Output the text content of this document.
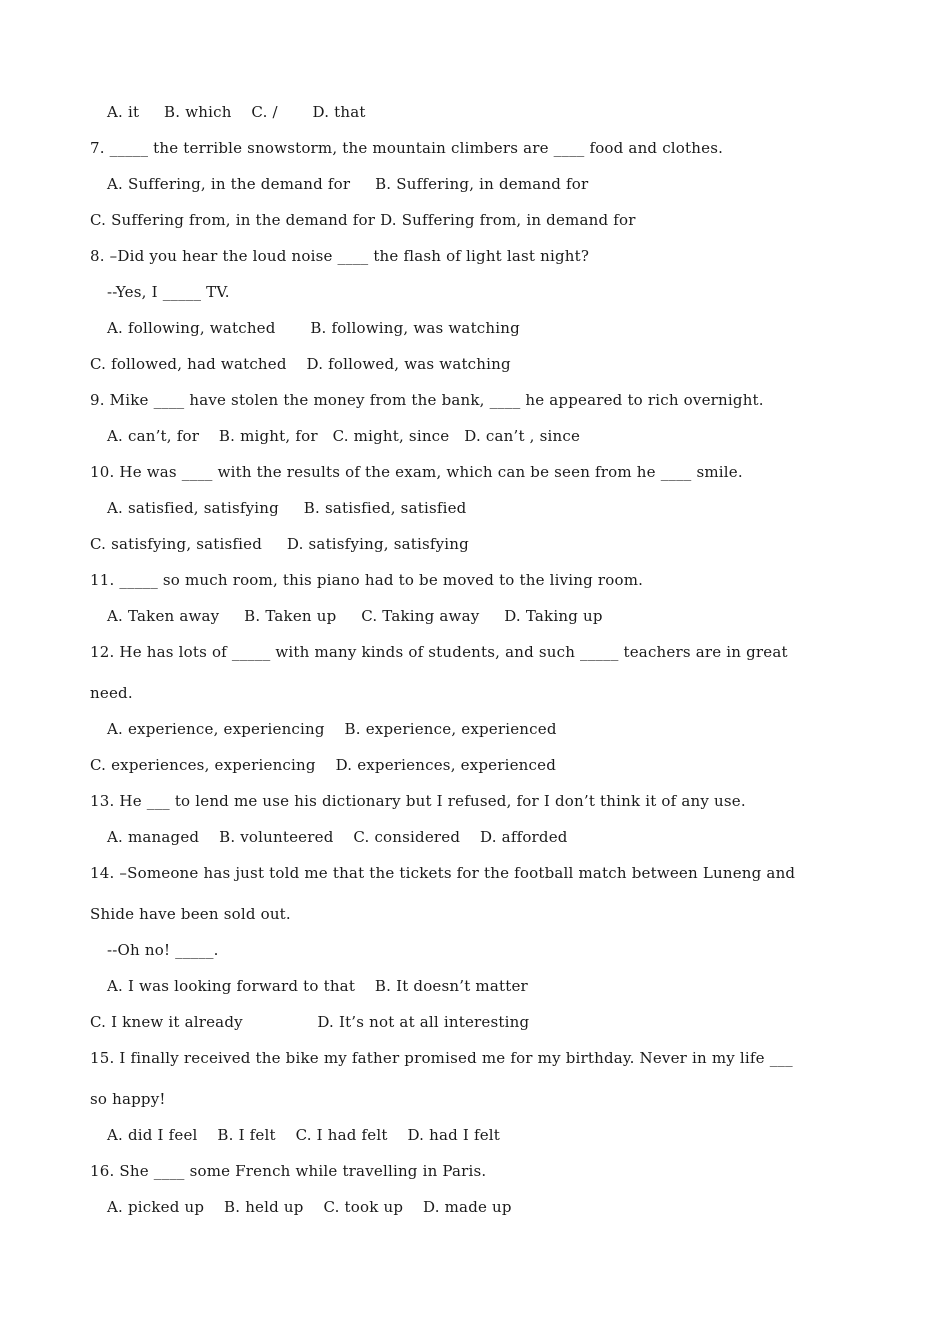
A. it     B. which    C. /       D. that
7. _____ the terrible snowstorm, the mountain climbers are ____ food and clothes.
A. Suffering, in the demand for     B. Suffering, in demand for
C. Suffering from, in the demand for D. Suffering from, in demand for
8. –Did you hear the loud noise ____ the flash of light last night?
--Yes, I _____ TV.
A. following, watched       B. following, was watching
C. followed, had watched    D. followed, was watching
9. Mike ____ have stolen the money from the bank, ____ he appeared to rich overnight.
A. can’t, for    B. might, for   C. might, since   D. can’t , since
10. He was ____ with the results of the exam, which can be seen from he ____ smile.
A. satisfied, satisfying     B. satisfied, satisfied
C. satisfying, satisfied     D. satisfying, satisfying
11. _____ so much room, this piano had to be moved to the living room.
A. Taken away     B. Taken up     C. Taking away     D. Taking up
12. He has lots of _____ with many kinds of students, and such _____ teachers are in great
need.
A. experience, experiencing    B. experience, experienced
C. experiences, experiencing    D. experiences, experienced
13. He ___ to lend me use his dictionary but I refused, for I don’t think it of any use.
A. managed    B. volunteered    C. considered    D. afforded
14. –Someone has just told me that the tickets for the football match between Luneng and
Shide have been sold out.
--Oh no! _____.
A. I was looking forward to that    B. It doesn’t matter
C. I knew it already               D. It’s not at all interesting
15. I finally received the bike my father promised me for my birthday. Never in my life ___
so happy!
A. did I feel    B. I felt    C. I had felt    D. had I felt
16. She ____ some French while travelling in Paris.
A. picked up    B. held up    C. took up    D. made up
